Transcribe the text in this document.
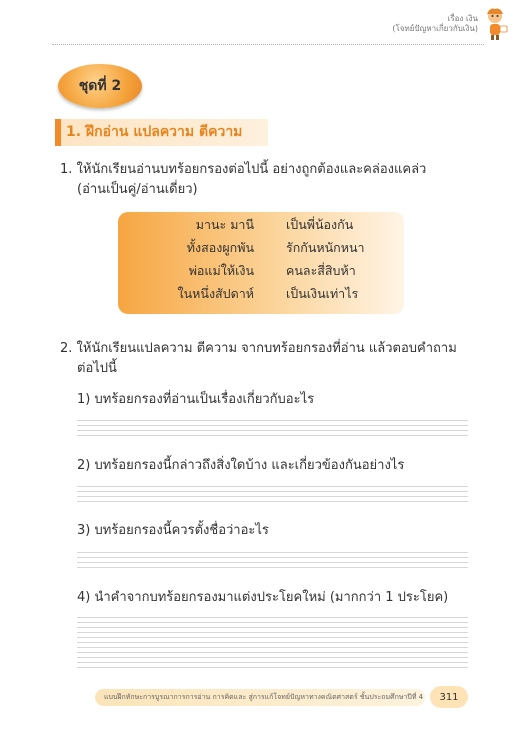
เรื่อง เงิน
(โจทย์ปัญหาเกี่ยวกับเงิน)
ชุดที่ 2
1. ฝึกอ่าน แปลความ ตีความ
1. ให้นักเรียนอ่านบทร้อยกรองต่อไปนี้ อย่างถูกต้องและคล่องแคล่ว
(อ่านเป็นคู่/อ่านเดี่ยว)
มานะ มานี	เป็นพี่น้องกัน
ทั้งสองผูกพัน	รักกันหนักหนา
พ่อแม่ให้เงิน	คนละสี่สิบห้า
ในหนึ่งสัปดาห์	เป็นเงินเท่าไร
2. ให้นักเรียนแปลความ ตีความ จากบทร้อยกรองที่อ่าน แล้วตอบคำถาม
ต่อไปนี้
1) บทร้อยกรองที่อ่านเป็นเรื่องเกี่ยวกับอะไร
2) บทร้อยกรองนี้กล่าวถึงสิ่งใดบ้าง และเกี่ยวข้องกันอย่างไร
3) บทร้อยกรองนี้ควรตั้งชื่อว่าอะไร
4) นำคำจากบทร้อยกรองมาแต่งประโยคใหม่ (มากกว่า 1 ประโยค)
แบบฝึกทักษะการบูรณาการการอ่าน การคิดและ สู่การแก้โจทย์ปัญหาทางคณิตศาสตร์ ชั้นประถมศึกษาปีที่ 4 311
